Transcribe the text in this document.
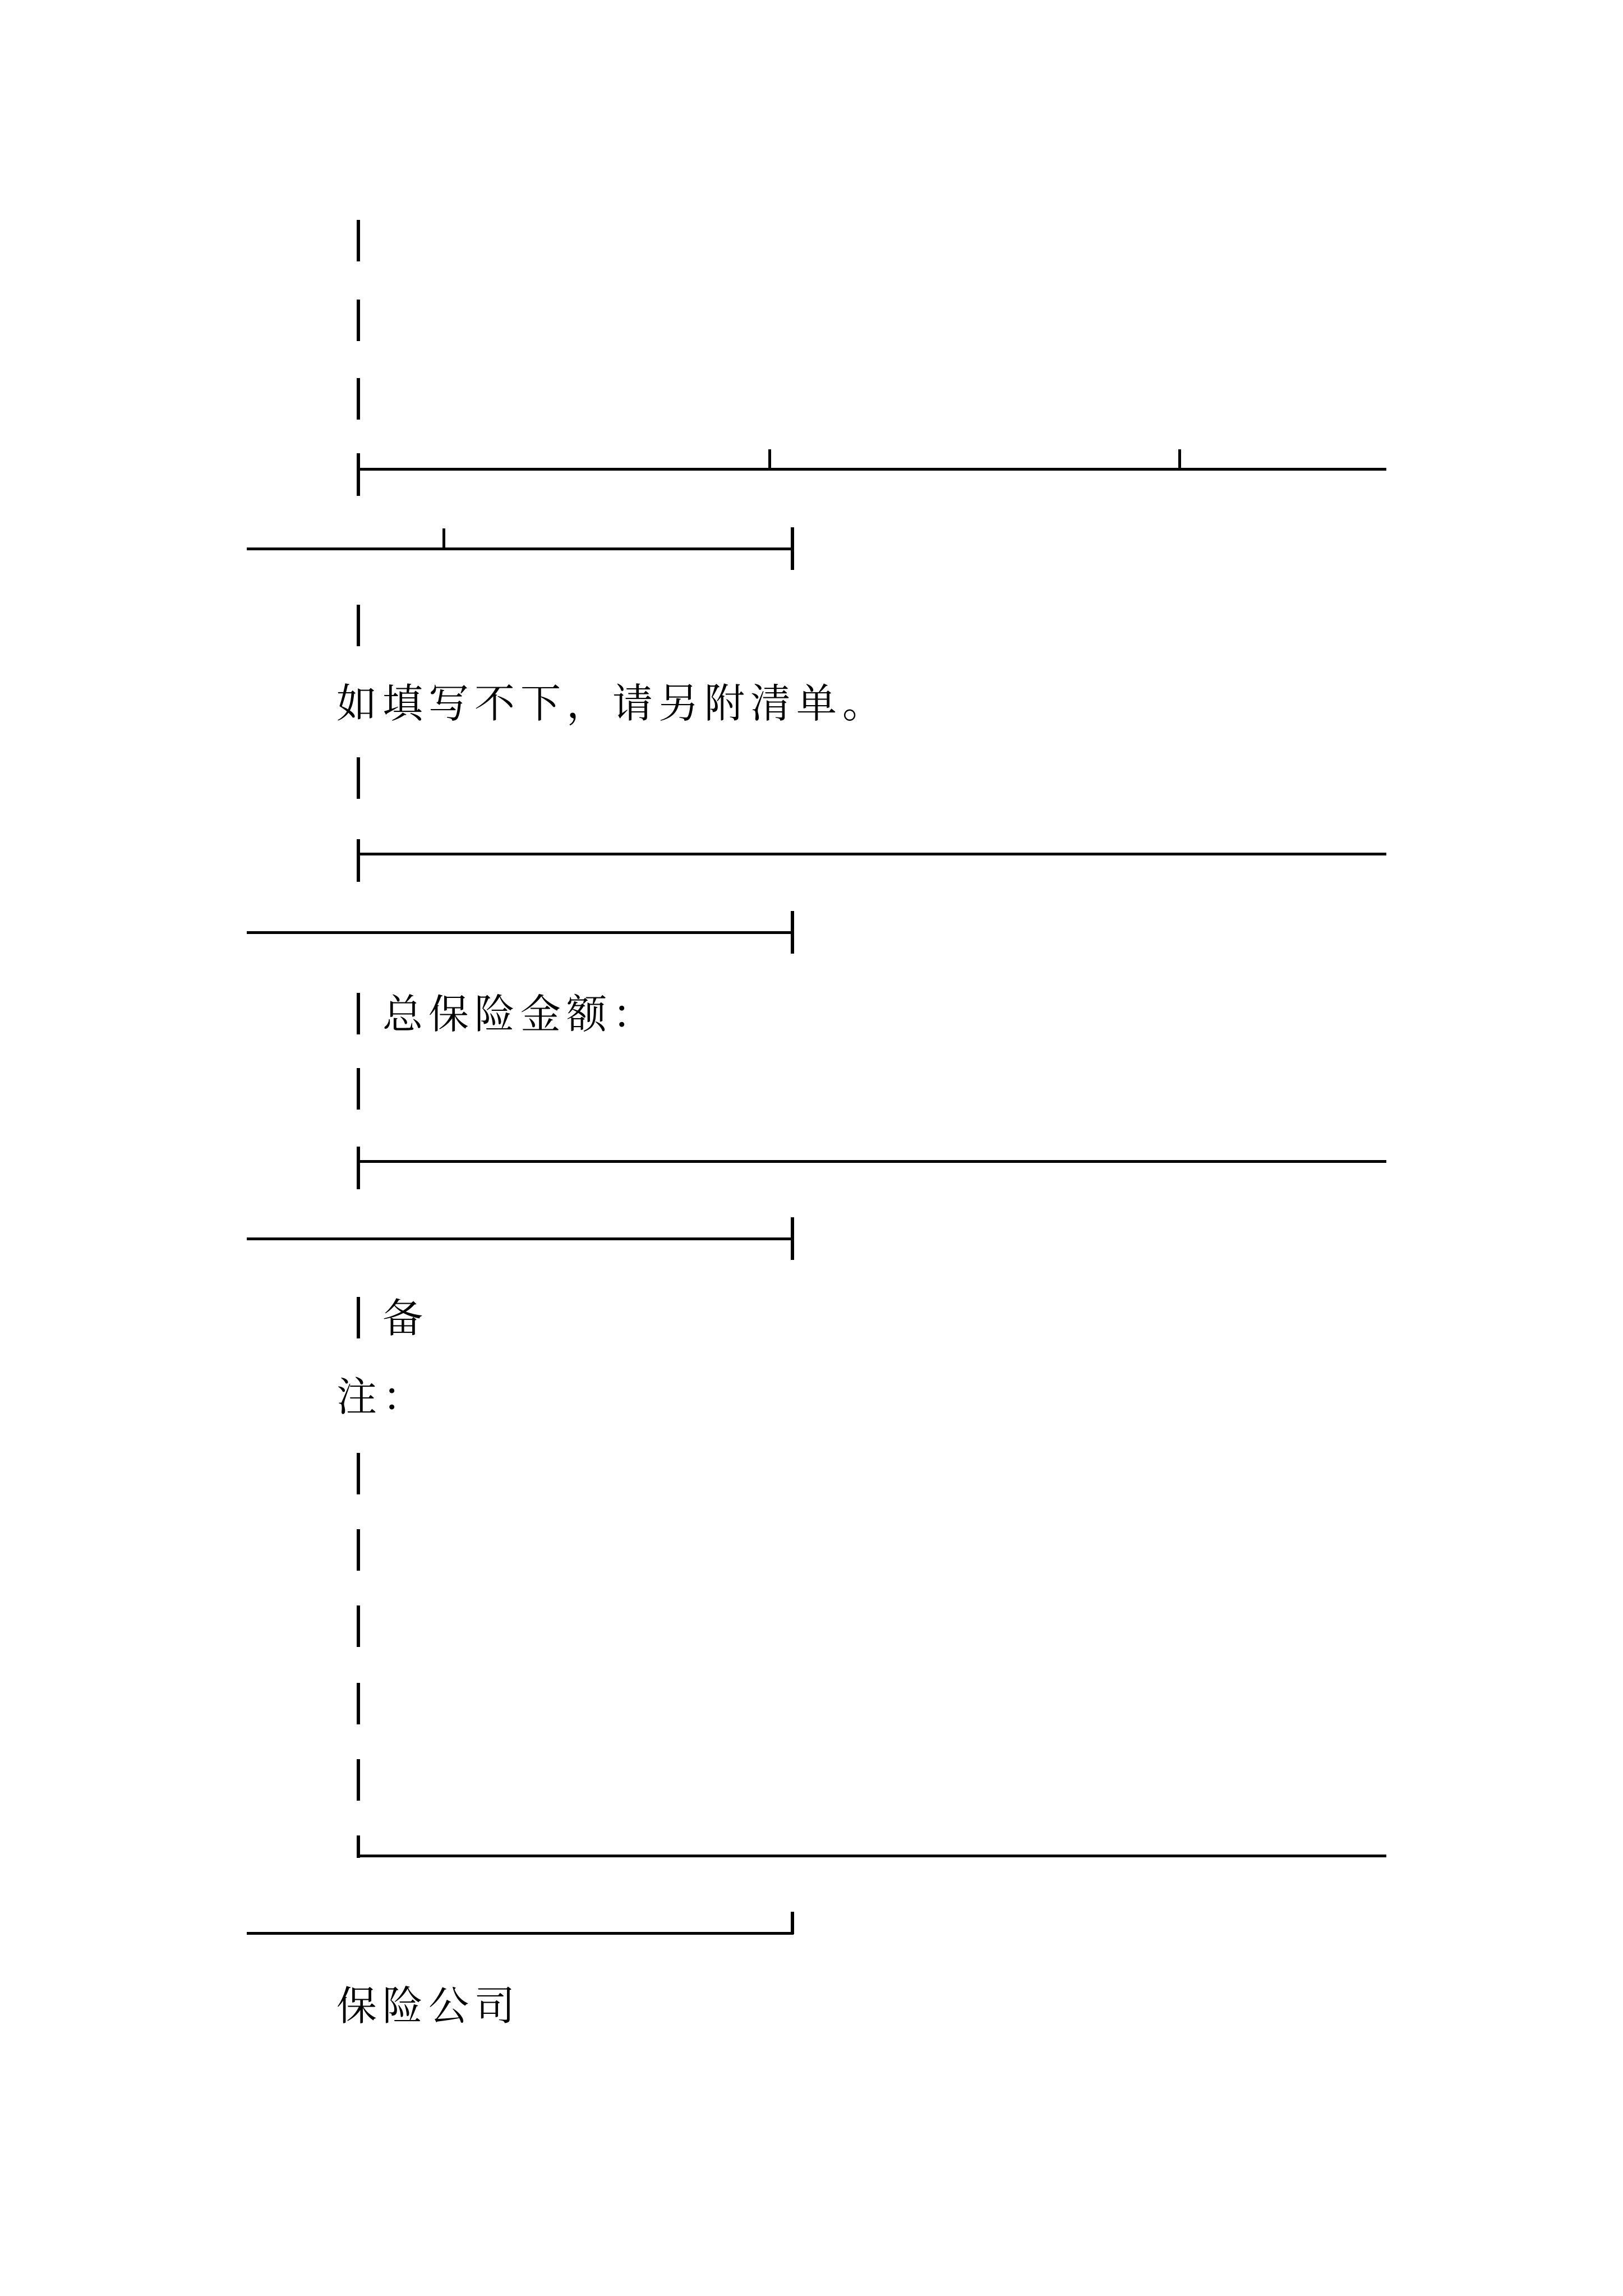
如填写不下，请另附清单。
总保险金额：
备
注：
保险公司
